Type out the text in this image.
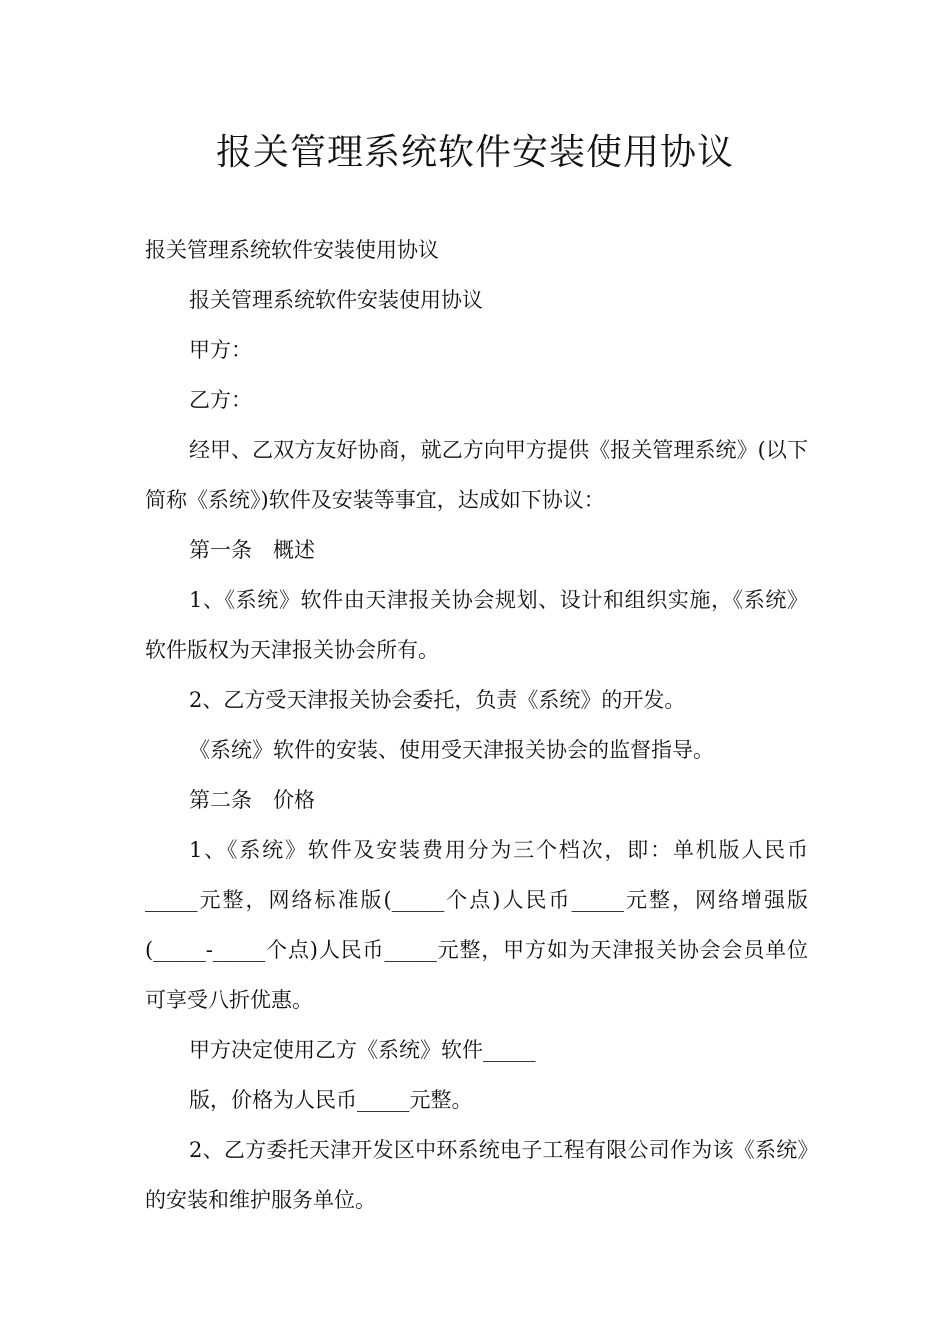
报关管理系统软件安装使用协议

报关管理系统软件安装使用协议

报关管理系统软件安装使用协议

甲方：

乙方：

经甲、乙双方友好协商，就乙方向甲方提供《报关管理系统》(以下简称《系统》)软件及安装等事宜，达成如下协议：

第一条　概述

1、《系统》软件由天津报关协会规划、设计和组织实施，《系统》软件版权为天津报关协会所有。

2、乙方受天津报关协会委托，负责《系统》的开发。

《系统》软件的安装、使用受天津报关协会的监督指导。

第二条　价格

1、《系统》软件及安装费用分为三个档次，即：单机版人民币_____元整，网络标准版(_____个点)人民币_____元整，网络增强版(_____-_____个点)人民币_____元整，甲方如为天津报关协会会员单位可享受八折优惠。

甲方决定使用乙方《系统》软件_____

版，价格为人民币_____元整。

2、乙方委托天津开发区中环系统电子工程有限公司作为该《系统》的安装和维护服务单位。
